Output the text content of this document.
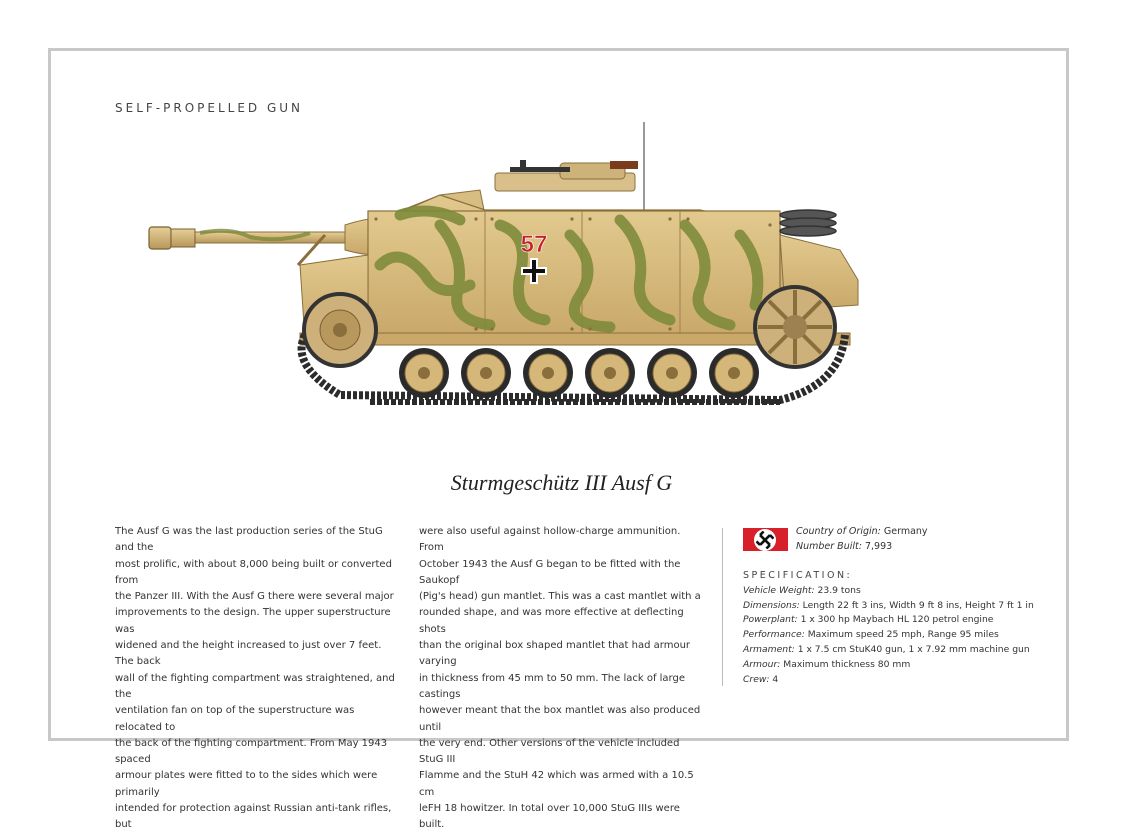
SELF-PROPELLED GUN
57
Sturmgeschütz III Ausf G
The Ausf G was the last production series of the StuG and the
most prolific, with about 8,000 being built or converted from
the Panzer III. With the Ausf G there were several major
improvements to the design. The upper superstructure was
widened and the height increased to just over 7 feet. The back
wall of the fighting compartment was straightened, and the
ventilation fan on top of the superstructure was relocated to
the back of the fighting compartment. From May 1943 spaced
armour plates were fitted to to the sides which were primarily
intended for protection against Russian anti-tank rifles, but
were also useful against hollow-charge ammunition. From
October 1943 the Ausf G began to be fitted with the Saukopf
(Pig's head) gun mantlet. This was a cast mantlet with a
rounded shape, and was more effective at deflecting shots
than the original box shaped mantlet that had armour varying
in thickness from 45 mm to 50 mm. The lack of large castings
however meant that the box mantlet was also produced until
the very end. Other versions of the vehicle included StuG III
Flamme and the StuH 42 which was armed with a 10.5 cm
leFH 18 howitzer. In total over 10,000 StuG IIIs were built.
Country of Origin: Germany
Number Built: 7,993
SPECIFICATION:
Vehicle Weight: 23.9 tons
Dimensions: Length 22 ft 3 ins, Width 9 ft 8 ins, Height 7 ft 1 in
Powerplant: 1 x 300 hp Maybach HL 120 petrol engine
Performance: Maximum speed 25 mph, Range 95 miles
Armament: 1 x 7.5 cm StuK40 gun, 1 x 7.92 mm machine gun
Armour: Maximum thickness 80 mm
Crew: 4
